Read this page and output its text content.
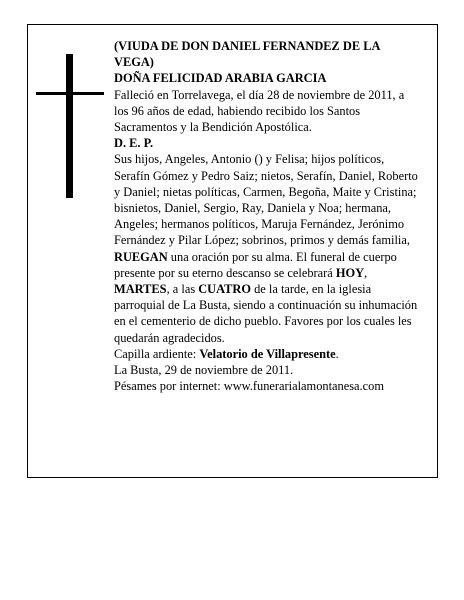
(VIUDA DE DON DANIEL FERNANDEZ DE LA VEGA)

DOÑA FELICIDAD ARABIA GARCIA

Falleció en Torrelavega, el día 28 de noviembre de 2011, a los 96 años de edad, habiendo recibido los Santos Sacramentos y la Bendición Apostólica.

D. E. P.

Sus hijos, Angeles, Antonio () y Felisa; hijos políticos, Serafín Gómez y Pedro Saiz; nietos, Serafín, Daniel, Roberto y Daniel; nietas políticas, Carmen, Begoña, Maite y Cristina; bisnietos, Daniel, Sergio, Ray, Daniela y Noa; hermana, Angeles; hermanos políticos, Maruja Fernández, Jerónimo Fernández y Pilar López; sobrinos, primos y demás familia,

RUEGAN una oración por su alma. El funeral de cuerpo presente por su eterno descanso se celebrará HOY, MARTES, a las CUATRO de la tarde, en la iglesia parroquial de La Busta, siendo a continuación su inhumación en el cementerio de dicho pueblo. Favores por los cuales les quedarán agradecidos.

Capilla ardiente: Velatorio de Villapresente.

La Busta, 29 de noviembre de 2011.

Pésames por internet: www.funerarialamontanesa.com
